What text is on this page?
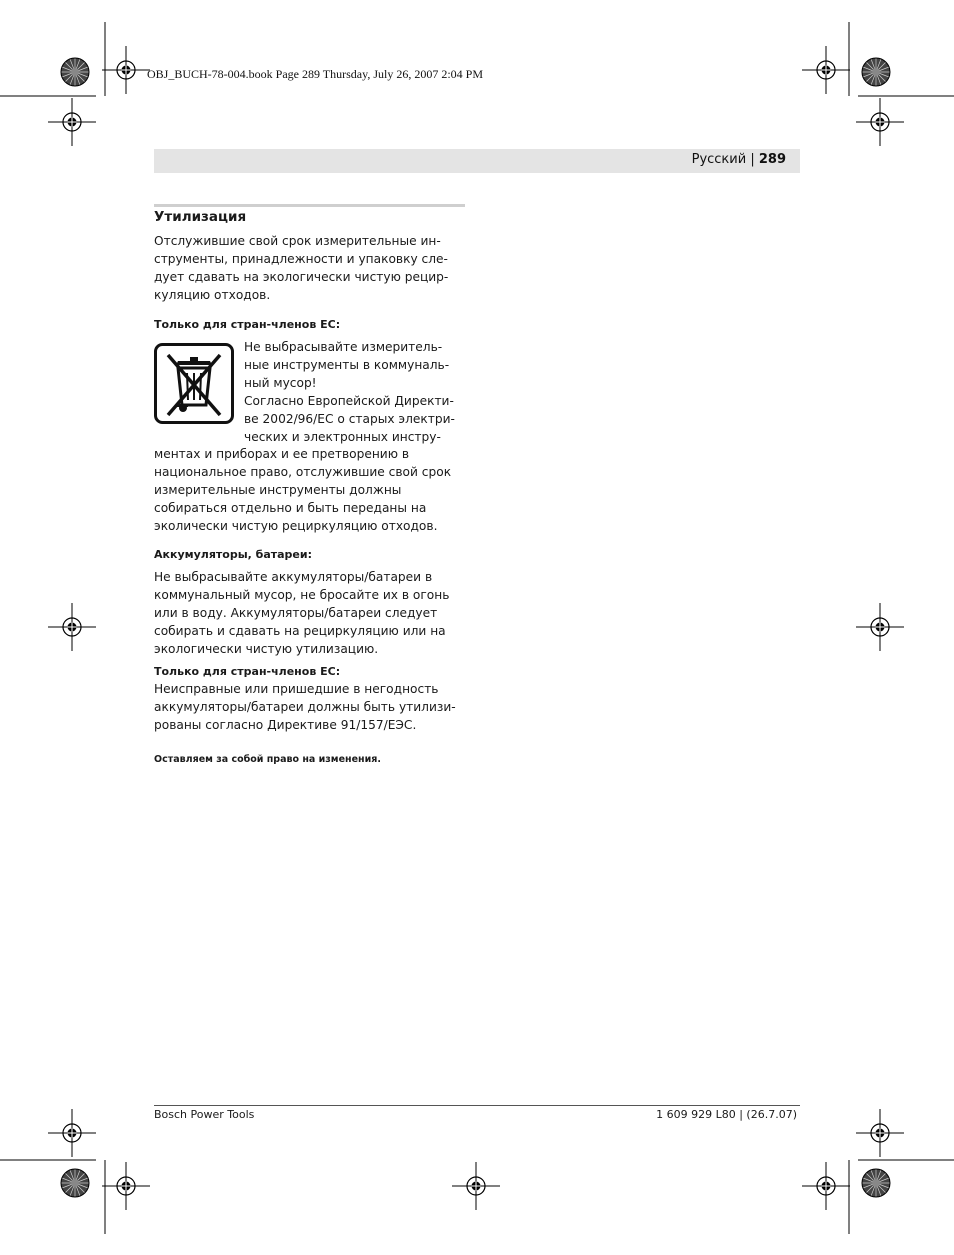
OBJ_BUCH-78-004.book Page 289 Thursday, July 26, 2007 2:04 PM
Русский | 289
Утилизация
Отслужившие свой срок измерительные ин-
струменты, принадлежности и упаковку сле-
дует сдавать на экологически чистую рецир-
куляцию отходов.
Только для стран-членов ЕС:
Не выбрасывайте измеритель-
ные инструменты в коммуналь-
ный мусор!
Согласно Европейской Директи-
ве 2002/96/ЕС о старых электри-
ческих и электронных инстру-
ментах и приборах и ее претворению в
национальное право, отслужившие свой срок
измерительные инструменты должны
собираться отдельно и быть переданы на
эколически чистую рециркуляцию отходов.
Аккумуляторы, батареи:
Не выбрасывайте аккумуляторы/батареи в
коммунальный мусор, не бросайте их в огонь
или в воду. Аккумуляторы/батареи следует
собирать и сдавать на рециркуляцию или на
экологически чистую утилизацию.
Только для стран-членов ЕС:
Неисправные или пришедшие в негодность
аккумуляторы/батареи должны быть утилизи-
рованы согласно Директиве 91/157/ЕЭС.
Оставляем за собой право на изменения.
Bosch Power Tools	1 609 929 L80 | (26.7.07)
